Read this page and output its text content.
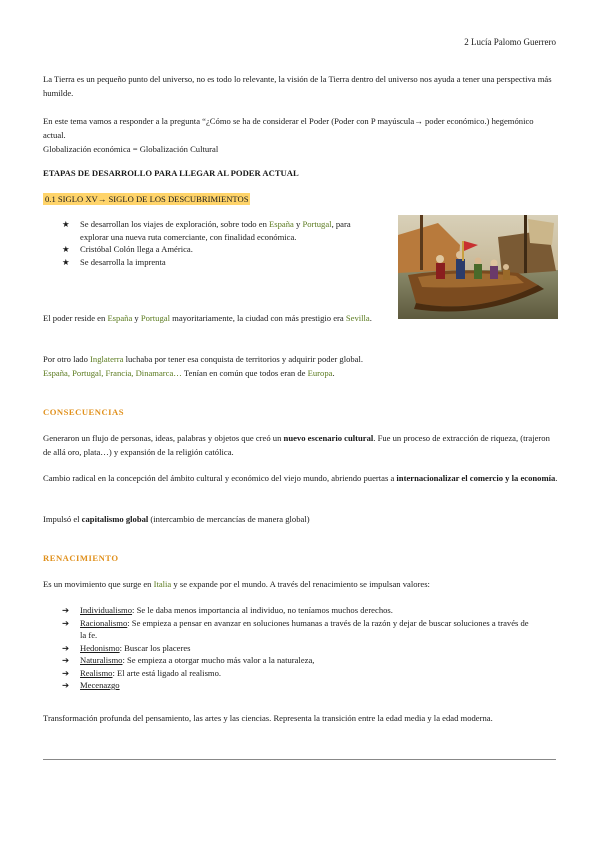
2 Lucía Palomo Guerrero

La Tierra es un pequeño punto del universo, no es todo lo relevante, la visión de la Tierra dentro del universo nos ayuda a tener una perspectiva más humilde.

En este tema vamos a responder a la pregunta “¿Cómo se ha de considerar el Poder (Poder con P mayúscula→ poder económico.) hegemónico actual.
Globalización económica = Globalización Cultural

ETAPAS DE DESARROLLO PARA LLEGAR AL PODER ACTUAL

0.1 SIGLO XV→ SIGLO DE LOS DESCUBRIMIENTOS

★ Se desarrollan los viajes de exploración, sobre todo en España y Portugal, para explorar una nueva ruta comerciante, con finalidad económica.
★ Cristóbal Colón llega a América.
★ Se desarrolla la imprenta

El poder reside en España y Portugal mayoritariamente, la ciudad con más prestigio era Sevilla.

Por otro lado Inglaterra luchaba por tener esa conquista de territorios y adquirir poder global.
España, Portugal, Francia, Dinamarca… Tenían en común que todos eran de Europa.

CONSECUENCIAS

Generaron un flujo de personas, ideas, palabras y objetos que creó un nuevo escenario cultural. Fue un proceso de extracción de riqueza, (trajeron de allá oro, plata…) y expansión de la religión católica.

Cambio radical en la concepción del ámbito cultural y económico del viejo mundo, abriendo puertas a internacionalizar el comercio y la economía.

Impulsó el capitalismo global (intercambio de mercancías de manera global)

RENACIMIENTO

Es un movimiento que surge en Italia y se expande por el mundo. A través del renacimiento se impulsan valores:

➔ Individualismo: Se le daba menos importancia al individuo, no teníamos muchos derechos.
➔ Racionalismo: Se empieza a pensar en avanzar en soluciones humanas a través de la razón y dejar de buscar soluciones a través de la fe.
➔ Hedonismo: Buscar los placeres
➔ Naturalismo: Se empieza a otorgar mucho más valor a la naturaleza,
➔ Realismo: El arte está ligado al realismo.
➔ Mecenazgo

Transformación profunda del pensamiento, las artes y las ciencias. Representa la transición entre la edad media y la edad moderna.
